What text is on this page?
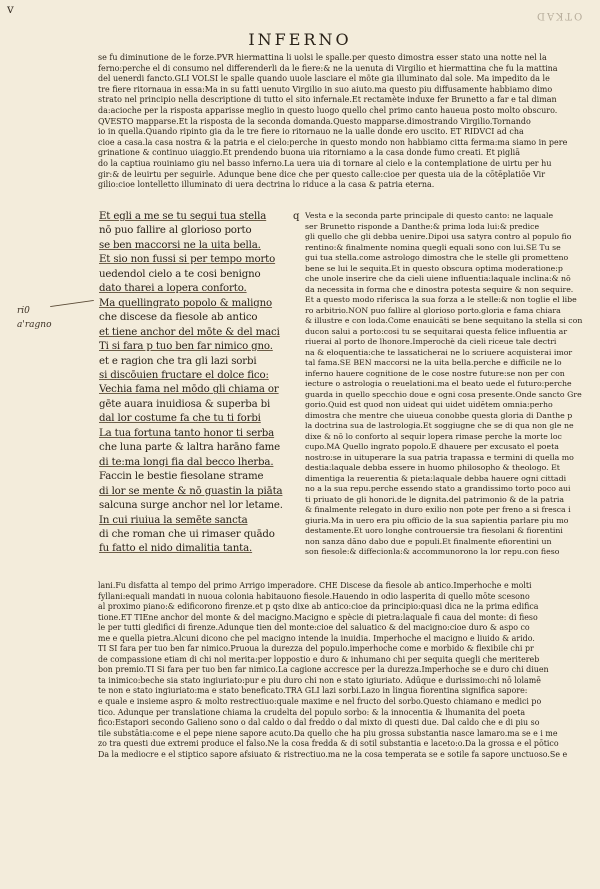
v	OTKAD
INFERNO
se fu diminutione de le forze.PVR hiermattina li uolsi le spalle.per questo dimostra esser stato una notte nel la
ferno:perche el di consumo nel differenderli da le fiere:& ne la uenuta di Virgilio et hiermattina che fu la mattina
del uenerdi fancto.GLI VOLSI le spalle quando uuole lasciare el mõte gia illuminato dal sole. Ma impedito da le
tre fiere ritornaua in essa:Ma in su fatti uenuto Virgilio in suo aiuto.ma questo piu diffusamente habbiamo dimo
strato nel principio nella descriptione di tutto el sito infernale.Et rectamète induxe fer Brunetto a far e tal diman
da:acioche per la risposta apparisse meglio in questo luogo quello chel primo canto haueua posto molto obscuro.
QVESTO mapparse.Et la risposta de la seconda domanda.Questo mapparse.dimostrando Virgilio.Tornando
io in quella.Quando ripinto gia da le tre fiere io ritornauo ne la ualle donde ero uscito. ET RIDVCI ad cha
cioe a casa.la casa nostra & la patria e el cielo:perche in questo mondo non habbiamo citta ferma:ma siamo in pere
grinatione & continuo uiaggio.Et prendendo buona uia ritorniamo a la casa donde fumo creati. Et pigliā
do la captiua rouiniamo giu nel basso inferno.La uera uia di tornare al cielo e la contemplatione de uirtu per hu
gir:& de leuirtu per seguirle. Adunque bene dice che per questo calle:cioe per questa uia de la cōtēplatiōe Vir
gilio:cioe lontelletto illuminato di uera dectrina lo riduce a la casa & patria eterna.
Et egli a me se tu segui tua stella
nō puo fallire al glorioso porto
se ben maccorsi ne la uita bella.
Et sio non fussi si per tempo morto
uedendol cielo a te cosi benigno
dato tharei a lopera conforto.
Ma quellingrato popolo & maligno
che discese da fiesole ab antico
et tiene anchor del mōte & del maci
Ti si fara p tuo ben far nimico gno.
et e ragion che tra gli lazi sorbi
si discōuien fructare el dolce fico:
Vechia fama nel mōdo gli chiama or
gēte auara inuidiosa & superba bi
dal lor costume fa che tu ti forbi
La tua fortuna tanto honor ti serba
che luna parte & laltra harāno fame
di te:ma longi fia dal becco lherba.
Faccin le bestie fiesolane strame
di lor se mente & nō guastin la piāta
salcuna surge anchor nel lor letame.
In cui riuiua la semēte sancta
di che roman che ui rimaser quādo
fu fatto el nido dimalitia tanta.
q Vesta e la seconda parte principale di questo canto: ne laquale
ser Brunetto risponde a Danthe:& prima loda lui:& predice
gli quello che gli debba uenire.Dipoi usa satyra contro al populo fio
rentino:& finalmente nomina quegli equali sono con lui.SE Tu se
gui tua stella.come astrologo dimostra che le stelle gli prometteno
bene se lui le sequita.Et in questo obscura optima moderatione:p
che unole inserire che da cieli uiene influentia:laquale inclina:& nō
da necessita in forma che e dinostra potesta sequire & non sequire.
Et a questo modo riferisca la sua forza a le stelle:& non toglie el libe
ro arbitrio.NON puo fallire al glorioso porto.gloria e fama chiara
& illustre e con loda.Come enauicāti se bene sequitano la stella si con
ducon salui a porto:cosi tu se sequitarai questa felice influentia ar
riuerai al porto de lhonore.Imperochè da cieli riceue tale dectri
na & eloquentia:che te lassaticherai ne lo scriuere acquisterai imor
tal fama.SE BEN maccorsi ne la uita bella.perche e difficile ne lo
inferno hauere cognitione de le cose nostre future:se non per con
iecture o astrologia o reuelationi.ma el beato uede el futuro:perche
guarda in quello specchio doue e ogni cosa presente.Onde sancto Gre
gorio.Quid est quod non uideat qui uidet uidētem omnia:perho
dimostra che mentre che uiueua conobbe questa gloria di Danthe p
la doctrina sua de lastrologia.Et soggiugne che se di qua non gle ne
dixe & nō lo conforto al sequir lopera rimase perche la morte loc
cupo.MA Quello ingrato popolo.E dhauere per excusato el poeta
nostro:se in uituperare la sua patria trapassa e termini di quella mo
destia:laquale debba essere in huomo philosopho & theologo. Et
dimentiga la reuerentia & pieta:laquale debba hauere ogni cittadi
no a la sua repu.perche essendo stato a grandissimo torto poco aui
ti priuato de gli honori.de le dignita.del patrimonio & de la patria
& finalmente relegato in duro exilio non pote per freno a si fresca i
giuria.Ma in uero era piu officio de la sua sapientia parlare piu mo
destamente.Et uoro longhe controuersie tra fiesolani & fiorentini
non sanza dāno dabo due e populi.Et finalmente efiorentini un
son fiesole:& diffecionla:& accommunorono la lor repu.con fieso
lani.Fu disfatta al tempo del primo Arrigo imperadore. CHE Discese da fiesole ab antico.Imperhoche e molti
fyllani:equali mandati in nuoua colonia habitauono fiesole.Hauendo in odio lasperita di quello mōte scesono
al proximo piano:& edificorono firenze.et p qsto dixe ab antico:cioe da principio:quasi dica ne la prima edifica
tione.ET TIEne anchor del monte & del macigno.Macigno e spècie di pietra:laquale fi caua del monte: di fieso
le per tutti gledifici di firenze.Adunque tien del monte:cioe del saluatico & del macigno:cioe duro & aspo co
me e quella pietra.Alcuni dicono che pel macigno intende la inuidia. Imperhoche el macigno e liuido & arido.
TI SI fara per tuo ben far nimico.Pruoua la durezza del populo.imperhoche come e morbido & flexibile chi pr
de compassione etiam di chi nol merita:per loppostio e duro & inhumano chi per sequita quegli che meritereb
bon premio.TI Si fara per tuo ben far nimico.La cagione accresce per la durezza.Imperhoche se e duro chi diuen
ta inimico:beche sia stato ingiuriato:pur e piu duro chi non e stato igiuriato. Adūque e durissimo:chi nō lolamē
te non e stato ingiuriato:ma e stato beneficato.TRA GLI lazi sorbi.Lazo in lingua fiorentina significa sapore:
e quale e insieme aspro & molto restrectiuo:quale maxime e nel fructo del sorbo.Questo chiamano e medici po
tico. Adunque per translatione chiama la crudelta del populo sorbo: & la innocentia & lhumanita del poeta
fico:Estapori secondo Galieno sono o dal caldo o dal freddo o dal mixto di questi due. Dal caldo che e di piu so
tile substātia:come e el pepe niene sapore acuto.Da quello che ha piu grossa substantia nasce lamaro.ma se e i me
zo tra questi due extremi produce el falso.Ne la cosa fredda & di sotil substantia e laceto:o.Da la grossa e el pōtico
Da la mediocre e el stiptico sapore afsiuato & ristrectiuo.ma ne la cosa temperata se e sotile fa sapore unctuoso.Se e
ri0
a'ragno
